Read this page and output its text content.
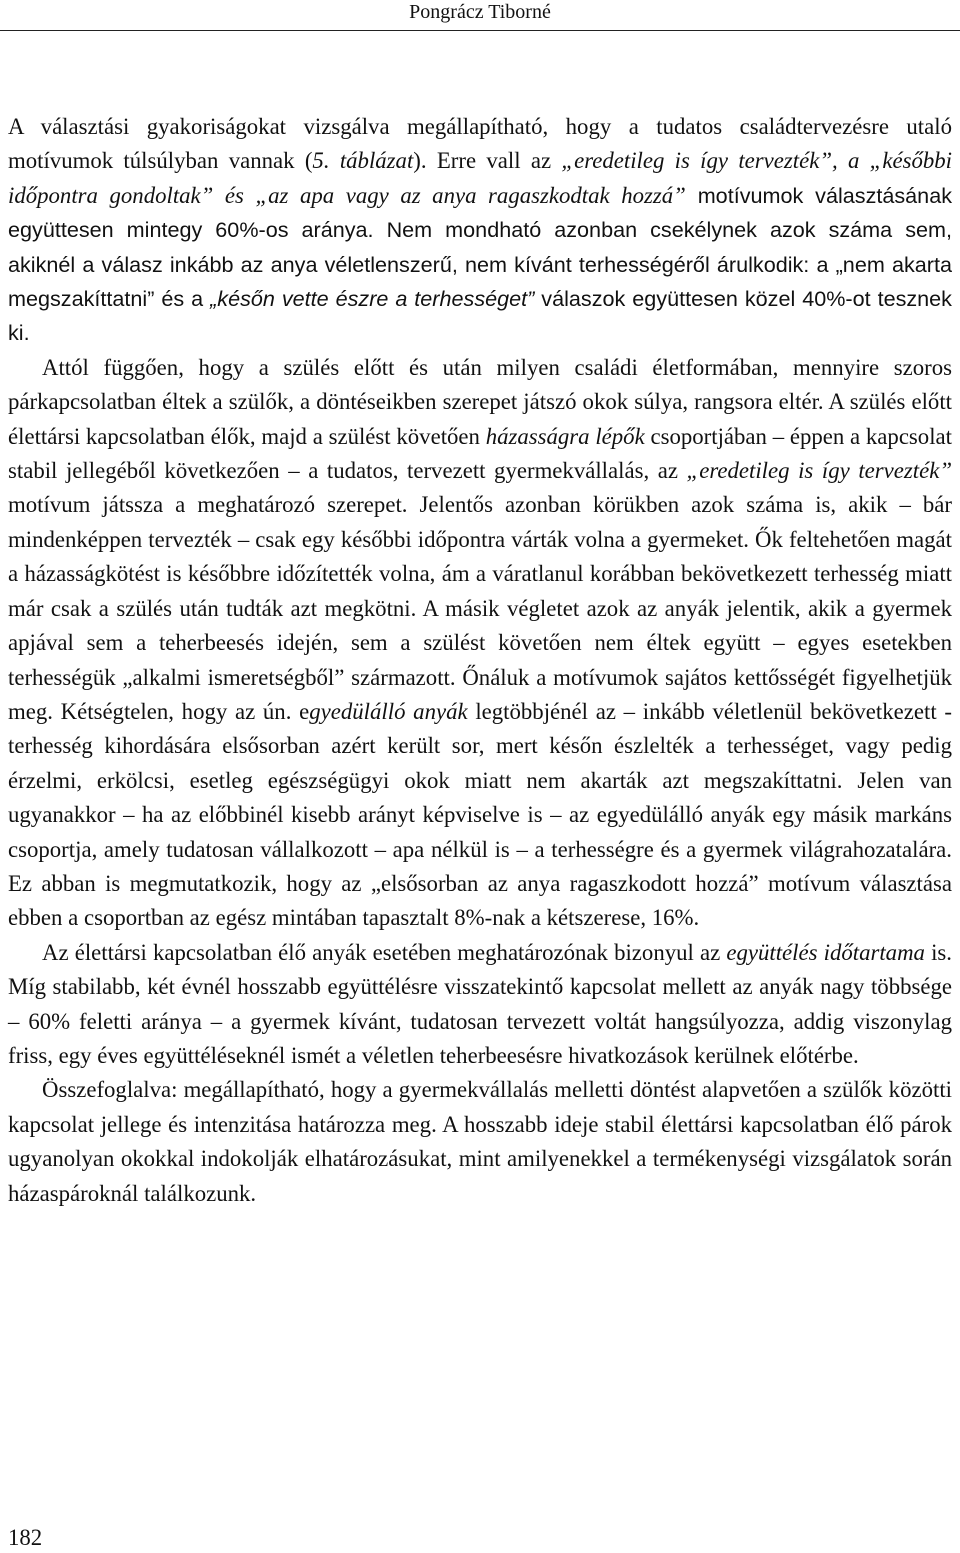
Pongrácz Tiborné

A választási gyakoriságokat vizsgálva megállapítható, hogy a tudatos családtervezésre utaló motívumok túlsúlyban vannak (5. táblázat). Erre vall az „eredetileg is így tervezték”, a „későbbi időpontra gondoltak” és „az apa vagy az anya ragaszkodtak hozzá” motívumok választásának együttesen mintegy 60%-os aránya. Nem mondható azonban csekélynek azok száma sem, akiknél a válasz inkább az anya véletlenszerű, nem kívánt terhességéről árulkodik: a „nem akarta megszakíttatni” és a „későn vette észre a terhességet” válaszok együttesen közel 40%-ot tesznek ki.

Attól függően, hogy a szülés előtt és után milyen családi életformában, mennyire szoros párkapcsolatban éltek a szülők, a döntéseikben szerepet játszó okok súlya, rangsora eltér. A szülés előtt élettársi kapcsolatban élők, majd a szülést követően házasságra lépők csoportjában – éppen a kapcsolat stabil jellegéből következően – a tudatos, tervezett gyermekvállalás, az „eredetileg is így tervezték” motívum játssza a meghatározó szerepet. Jelentős azonban körükben azok száma is, akik – bár mindenképpen tervezték – csak egy későbbi időpontra várták volna a gyermeket. Ők feltehetően magát a házasságkötést is későbbre időzítették volna, ám a váratlanul korábban bekövetkezett terhesség miatt már csak a szülés után tudták azt megkötni. A másik végletet azok az anyák jelentik, akik a gyermek apjával sem a teherbeesés idején, sem a szülést követően nem éltek együtt – egyes esetekben terhességük „alkalmi ismeretségből” származott. Őnáluk a motívumok sajátos kettősségét figyelhetjük meg. Kétségtelen, hogy az ún. egyedülálló anyák legtöbbjénél az – inkább véletlenül bekövetkezett - terhesség kihordására elsősorban azért került sor, mert későn észlelték a terhességet, vagy pedig érzelmi, erkölcsi, esetleg egészségügyi okok miatt nem akarták azt megszakíttatni. Jelen van ugyanakkor – ha az előbbinél kisebb arányt képviselve is – az egyedülálló anyák egy másik markáns csoportja, amely tudatosan vállalkozott – apa nélkül is – a terhességre és a gyermek világrahozatalára. Ez abban is megmutatkozik, hogy az „elsősorban az anya ragaszkodott hozzá” motívum választása ebben a csoportban az egész mintában tapasztalt 8%-nak a kétszerese, 16%.

Az élettársi kapcsolatban élő anyák esetében meghatározónak bizonyul az együttélés időtartama is. Míg stabilabb, két évnél hosszabb együttélésre visszatekintő kapcsolat mellett az anyák nagy többsége – 60% feletti aránya – a gyermek kívánt, tudatosan tervezett voltát hangsúlyozza, addig viszonylag friss, egy éves együttéléseknél ismét a véletlen teherbeesésre hivatkozások kerülnek előtérbe.

Összefoglalva: megállapítható, hogy a gyermekvállalás melletti döntést alapvetően a szülők közötti kapcsolat jellege és intenzitása határozza meg. A hosszabb ideje stabil élettársi kapcsolatban élő párok ugyanolyan okokkal indokolják elhatározásukat, mint amilyenekkel a termékenységi vizsgálatok során házaspároknál találkozunk.

182
